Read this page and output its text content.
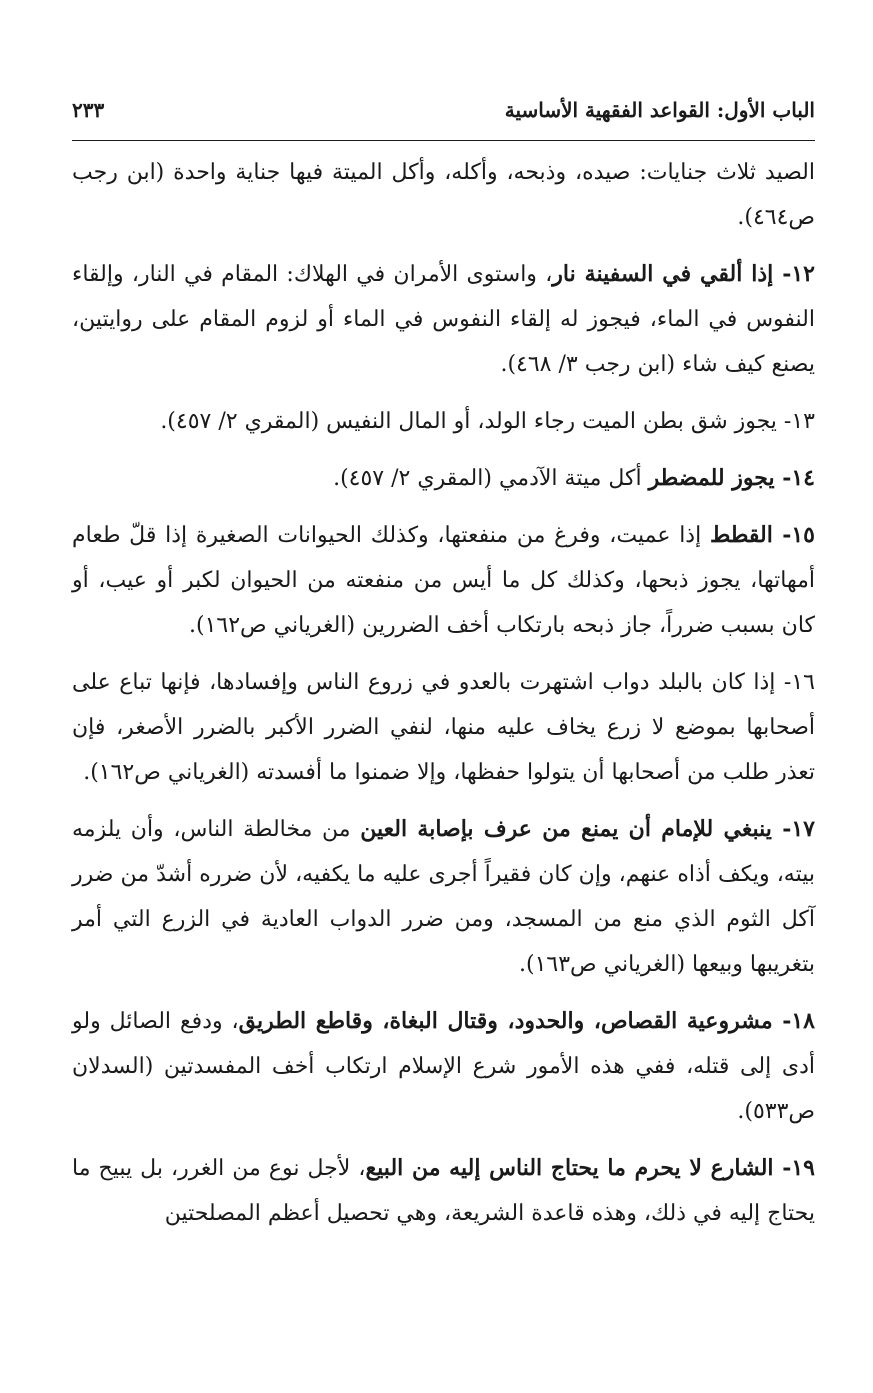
الباب الأول: القواعد الفقهية الأساسية
٢٣٣

الصيد ثلاث جنايات: صيده، وذبحه، وأكله، وأكل الميتة فيها جناية واحدة (ابن رجب ص٤٦٤).

١٢- إذا ألقي في السفينة نار، واستوى الأمران في الهلاك: المقام في النار، وإلقاء النفوس في الماء، فيجوز له إلقاء النفوس في الماء أو لزوم المقام على روايتين، يصنع كيف شاء (ابن رجب ٣/ ٤٦٨).

١٣- يجوز شق بطن الميت رجاء الولد، أو المال النفيس (المقري ٢/ ٤٥٧).

١٤- يجوز للمضطر أكل ميتة الآدمي (المقري ٢/ ٤٥٧).

١٥- القطط إذا عميت، وفرغ من منفعتها، وكذلك الحيوانات الصغيرة إذا قلّ طعام أمهاتها، يجوز ذبحها، وكذلك كل ما أيس من منفعته من الحيوان لكبر أو عيب، أو كان بسبب ضرراً، جاز ذبحه بارتكاب أخف الضررين (الغرياني ص١٦٢).

١٦- إذا كان بالبلد دواب اشتهرت بالعدو في زروع الناس وإفسادها، فإنها تباع على أصحابها بموضع لا زرع يخاف عليه منها، لنفي الضرر الأكبر بالضرر الأصغر، فإن تعذر طلب من أصحابها أن يتولوا حفظها، وإلا ضمنوا ما أفسدته (الغرياني ص١٦٢).

١٧- ينبغي للإمام أن يمنع من عرف بإصابة العين من مخالطة الناس، وأن يلزمه بيته، ويكف أذاه عنهم، وإن كان فقيراً أجرى عليه ما يكفيه، لأن ضرره أشدّ من ضرر آكل الثوم الذي منع من المسجد، ومن ضرر الدواب العادية في الزرع التي أمر بتغريبها وبيعها (الغرياني ص١٦٣).

١٨- مشروعية القصاص، والحدود، وقتال البغاة، وقاطع الطريق، ودفع الصائل ولو أدى إلى قتله، ففي هذه الأمور شرع الإسلام ارتكاب أخف المفسدتين (السدلان ص٥٣٣).

١٩- الشارع لا يحرم ما يحتاج الناس إليه من البيع، لأجل نوع من الغرر، بل يبيح ما يحتاج إليه في ذلك، وهذه قاعدة الشريعة، وهي تحصيل أعظم المصلحتين
